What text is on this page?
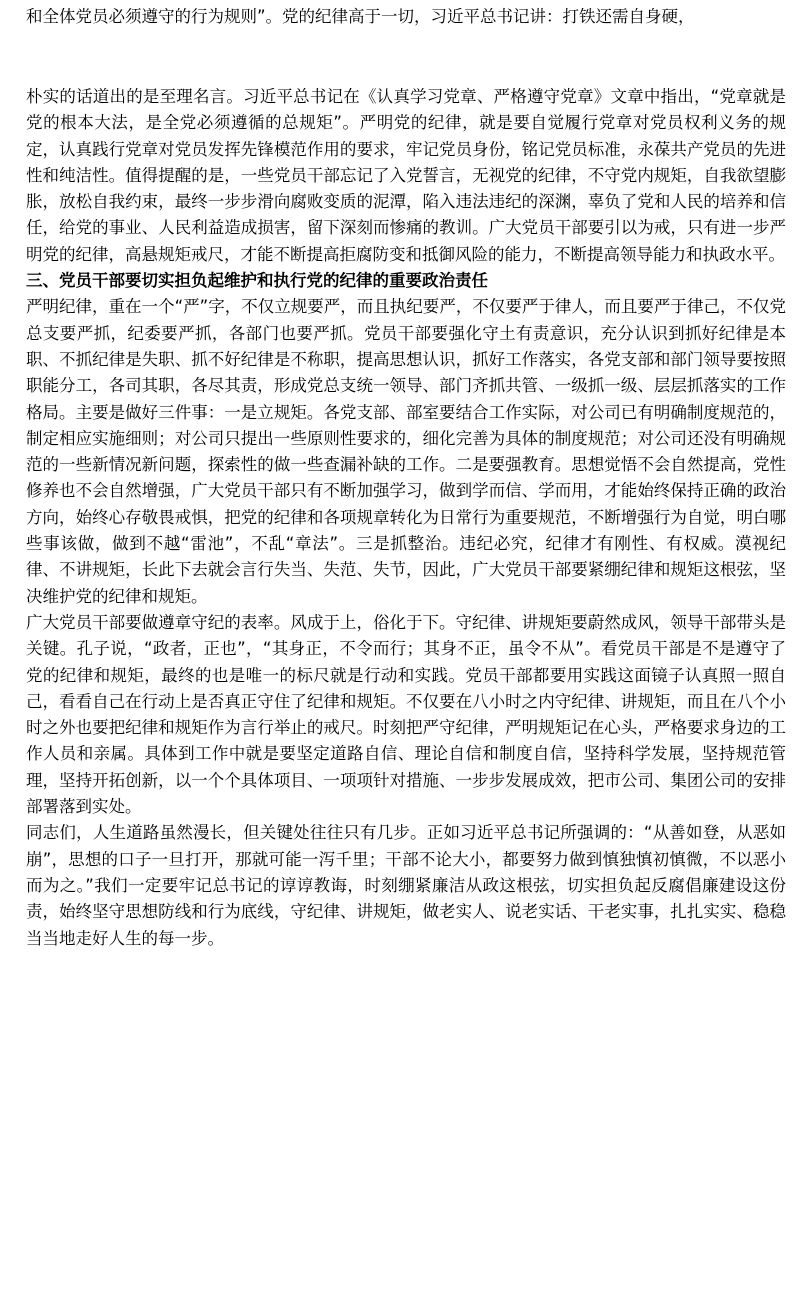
和全体党员必须遵守的行为规则”。党的纪律高于一切，习近平总书记讲：打铁还需自身硬，

朴实的话道出的是至理名言。习近平总书记在《认真学习党章、严格遵守党章》文章中指出，“党章就是党的根本大法，是全党必须遵循的总规矩”。严明党的纪律，就是要自觉履行党章对党员权利义务的规定，认真践行党章对党员发挥先锋模范作用的要求，牢记党员身份，铭记党员标准，永葆共产党员的先进性和纯洁性。值得提醒的是，一些党员干部忘记了入党誓言，无视党的纪律，不守党内规矩，自我欲望膨胀，放松自我约束，最终一步步滑向腐败变质的泥潭，陷入违法违纪的深渊，辜负了党和人民的培养和信任，给党的事业、人民利益造成损害，留下深刻而惨痛的教训。广大党员干部要引以为戒，只有进一步严明党的纪律，高悬规矩戒尺，才能不断提高拒腐防变和抵御风险的能力，不断提高领导能力和执政水平。

三、党员干部要切实担负起维护和执行党的纪律的重要政治责任

严明纪律，重在一个“严”字，不仅立规要严，而且执纪要严，不仅要严于律人，而且要严于律己，不仅党总支要严抓，纪委要严抓，各部门也要严抓。党员干部要强化守土有责意识，充分认识到抓好纪律是本职、不抓纪律是失职、抓不好纪律是不称职，提高思想认识，抓好工作落实，各党支部和部门领导要按照职能分工，各司其职，各尽其责，形成党总支统一领导、部门齐抓共管、一级抓一级、层层抓落实的工作格局。主要是做好三件事：一是立规矩。各党支部、部室要结合工作实际，对公司已有明确制度规范的，制定相应实施细则；对公司只提出一些原则性要求的，细化完善为具体的制度规范；对公司还没有明确规范的一些新情况新问题，探索性的做一些查漏补缺的工作。二是要强教育。思想觉悟不会自然提高，党性修养也不会自然增强，广大党员干部只有不断加强学习，做到学而信、学而用，才能始终保持正确的政治方向，始终心存敬畏戒惧，把党的纪律和各项规章转化为日常行为重要规范，不断增强行为自觉，明白哪些事该做，做到不越“雷池”，不乱“章法”。三是抓整治。违纪必究，纪律才有刚性、有权威。漠视纪律、不讲规矩，长此下去就会言行失当、失范、失节，因此，广大党员干部要紧绷纪律和规矩这根弦，坚决维护党的纪律和规矩。

广大党员干部要做遵章守纪的表率。风成于上，俗化于下。守纪律、讲规矩要蔚然成风，领导干部带头是关键。孔子说，“政者，正也”，“其身正，不令而行；其身不正，虽令不从”。看党员干部是不是遵守了党的纪律和规矩，最终的也是唯一的标尺就是行动和实践。党员干部都要用实践这面镜子认真照一照自己，看看自己在行动上是否真正守住了纪律和规矩。不仅要在八小时之内守纪律、讲规矩，而且在八个小时之外也要把纪律和规矩作为言行举止的戒尺。时刻把严守纪律，严明规矩记在心头，严格要求身边的工作人员和亲属。具体到工作中就是要坚定道路自信、理论自信和制度自信，坚持科学发展，坚持规范管理，坚持开拓创新，以一个个具体项目、一项项针对措施、一步步发展成效，把市公司、集团公司的安排部署落到实处。

同志们，人生道路虽然漫长，但关键处往往只有几步。正如习近平总书记所强调的：“从善如登，从恶如崩”，思想的口子一旦打开，那就可能一泻千里；干部不论大小，都要努力做到慎独慎初慎微，不以恶小而为之。”我们一定要牢记总书记的谆谆教诲，时刻绷紧廉洁从政这根弦，切实担负起反腐倡廉建设这份责，始终坚守思想防线和行为底线，守纪律、讲规矩，做老实人、说老实话、干老实事，扎扎实实、稳稳当当地走好人生的每一步。
